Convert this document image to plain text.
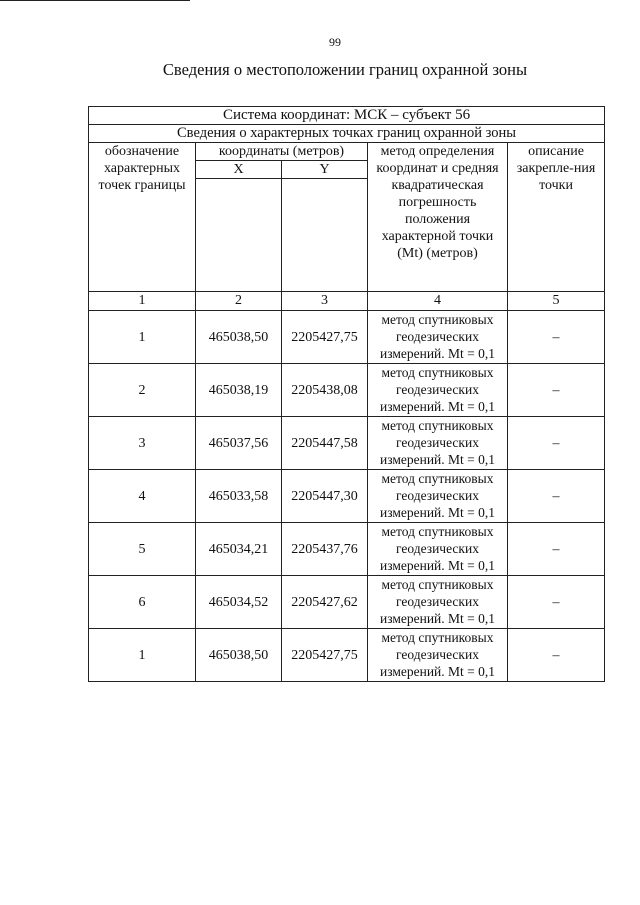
99
Сведения о местоположении границ охранной зоны
Система координат: МСК – субъект 56				
Сведения о характерных точках границ охранной зоны				
обозначение характерных точек границы	координаты (метров)		метод определения координат и средняя квадратическая погрешность положения характерной точки (Mt) (метров)	описание закрепле-ния точки
	X	Y		

1	2	3	4	5
1	465038,50	2205427,75	метод спутниковых геодезических измерений. Mt = 0,1	–
2	465038,19	2205438,08	метод спутниковых геодезических измерений. Mt = 0,1	–
3	465037,56	2205447,58	метод спутниковых геодезических измерений. Mt = 0,1	–
4	465033,58	2205447,30	метод спутниковых геодезических измерений. Mt = 0,1	–
5	465034,21	2205437,76	метод спутниковых геодезических измерений. Mt = 0,1	–
6	465034,52	2205427,62	метод спутниковых геодезических измерений. Mt = 0,1	–
1	465038,50	2205427,75	метод спутниковых геодезических измерений. Mt = 0,1	–
